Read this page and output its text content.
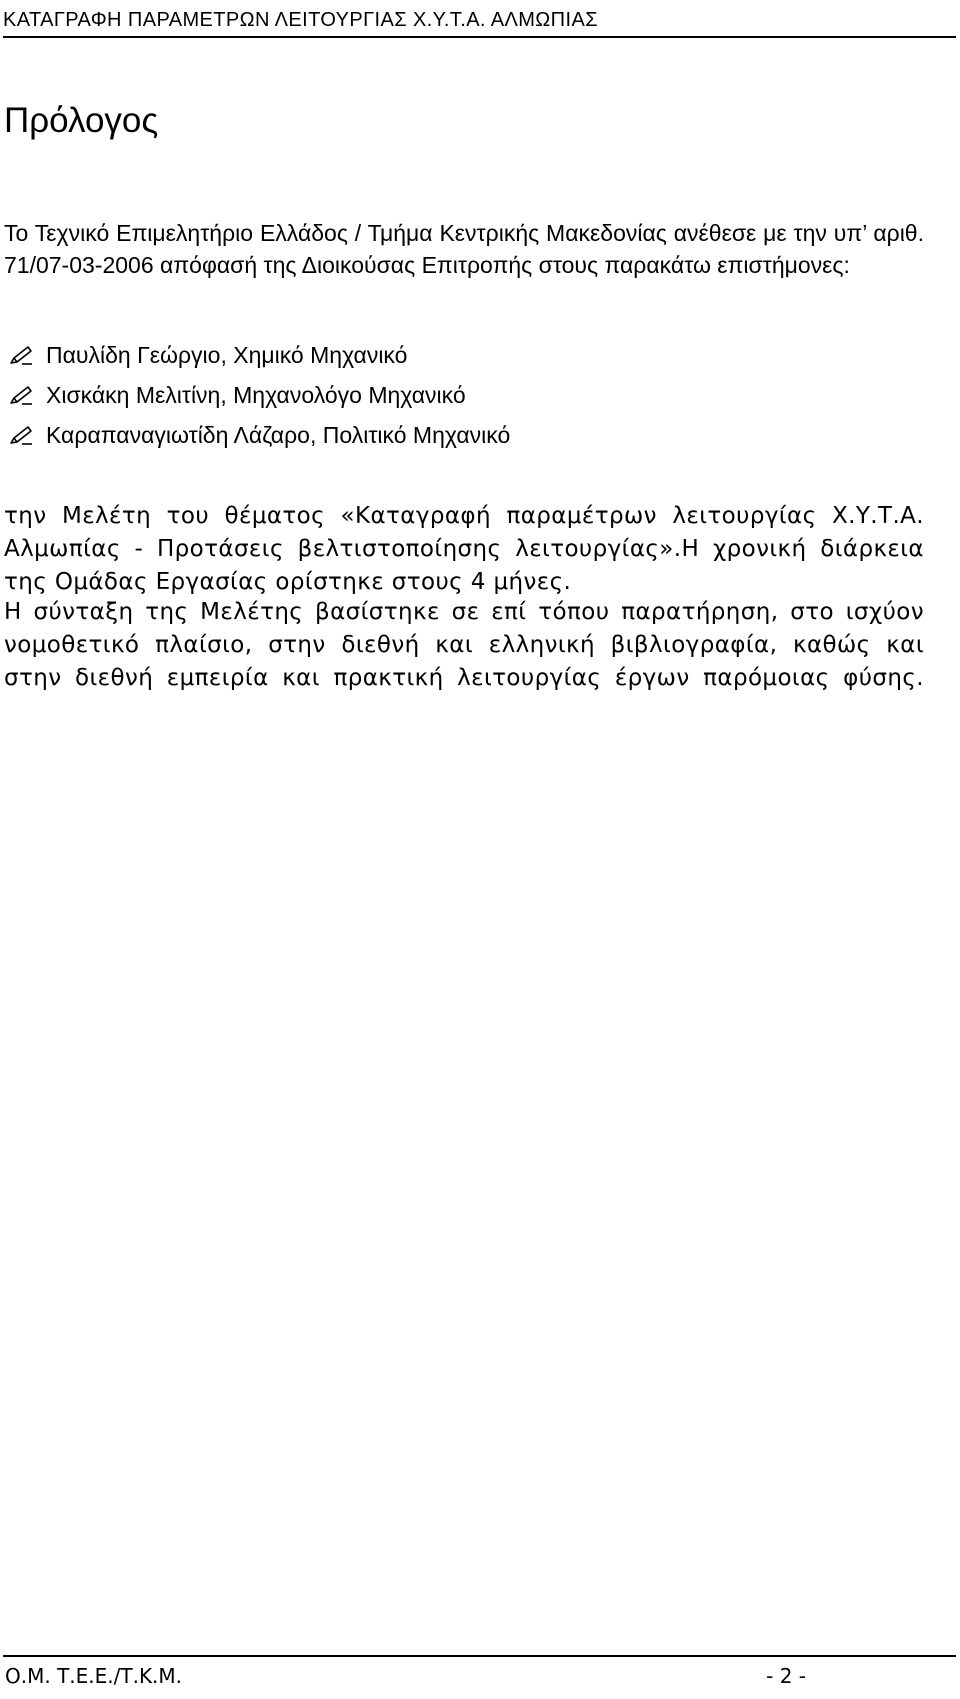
ΚΑΤΑΓΡΑΦΗ ΠΑΡΑΜΕΤΡΩΝ ΛΕΙΤΟΥΡΓΙΑΣ Χ.Υ.Τ.Α. ΑΛΜΩΠΙΑΣ
Πρόλογος

Το Τεχνικό Επιμελητήριο Ελλάδος / Τμήμα Κεντρικής Μακεδονίας ανέθεσε με την υπ’ αριθ. 71/07-03-2006 απόφασή της Διοικούσας Επιτροπής στους παρακάτω επιστήμονες:

Παυλίδη Γεώργιο, Χημικό Μηχανικό
Χισκάκη Μελιτίνη, Μηχανολόγο Μηχανικό
Καραπαναγιωτίδη Λάζαρο, Πολιτικό Μηχανικό

την Μελέτη του θέματος «Καταγραφή παραμέτρων λειτουργίας Χ.Υ.Τ.Α. Αλμωπίας - Προτάσεις βελτιστοποίησης λειτουργίας».Η χρονική διάρκεια της Ομάδας Εργασίας ορίστηκε στους 4 μήνες.

Η σύνταξη της Μελέτης βασίστηκε σε επί τόπου παρατήρηση, στο ισχύον νομοθετικό πλαίσιο, στην διεθνή και ελληνική βιβλιογραφία, καθώς και στην διεθνή εμπειρία και πρακτική λειτουργίας έργων παρόμοιας φύσης.

Ο.Μ. Τ.Ε.Ε./Τ.Κ.Μ.	- 2 -
